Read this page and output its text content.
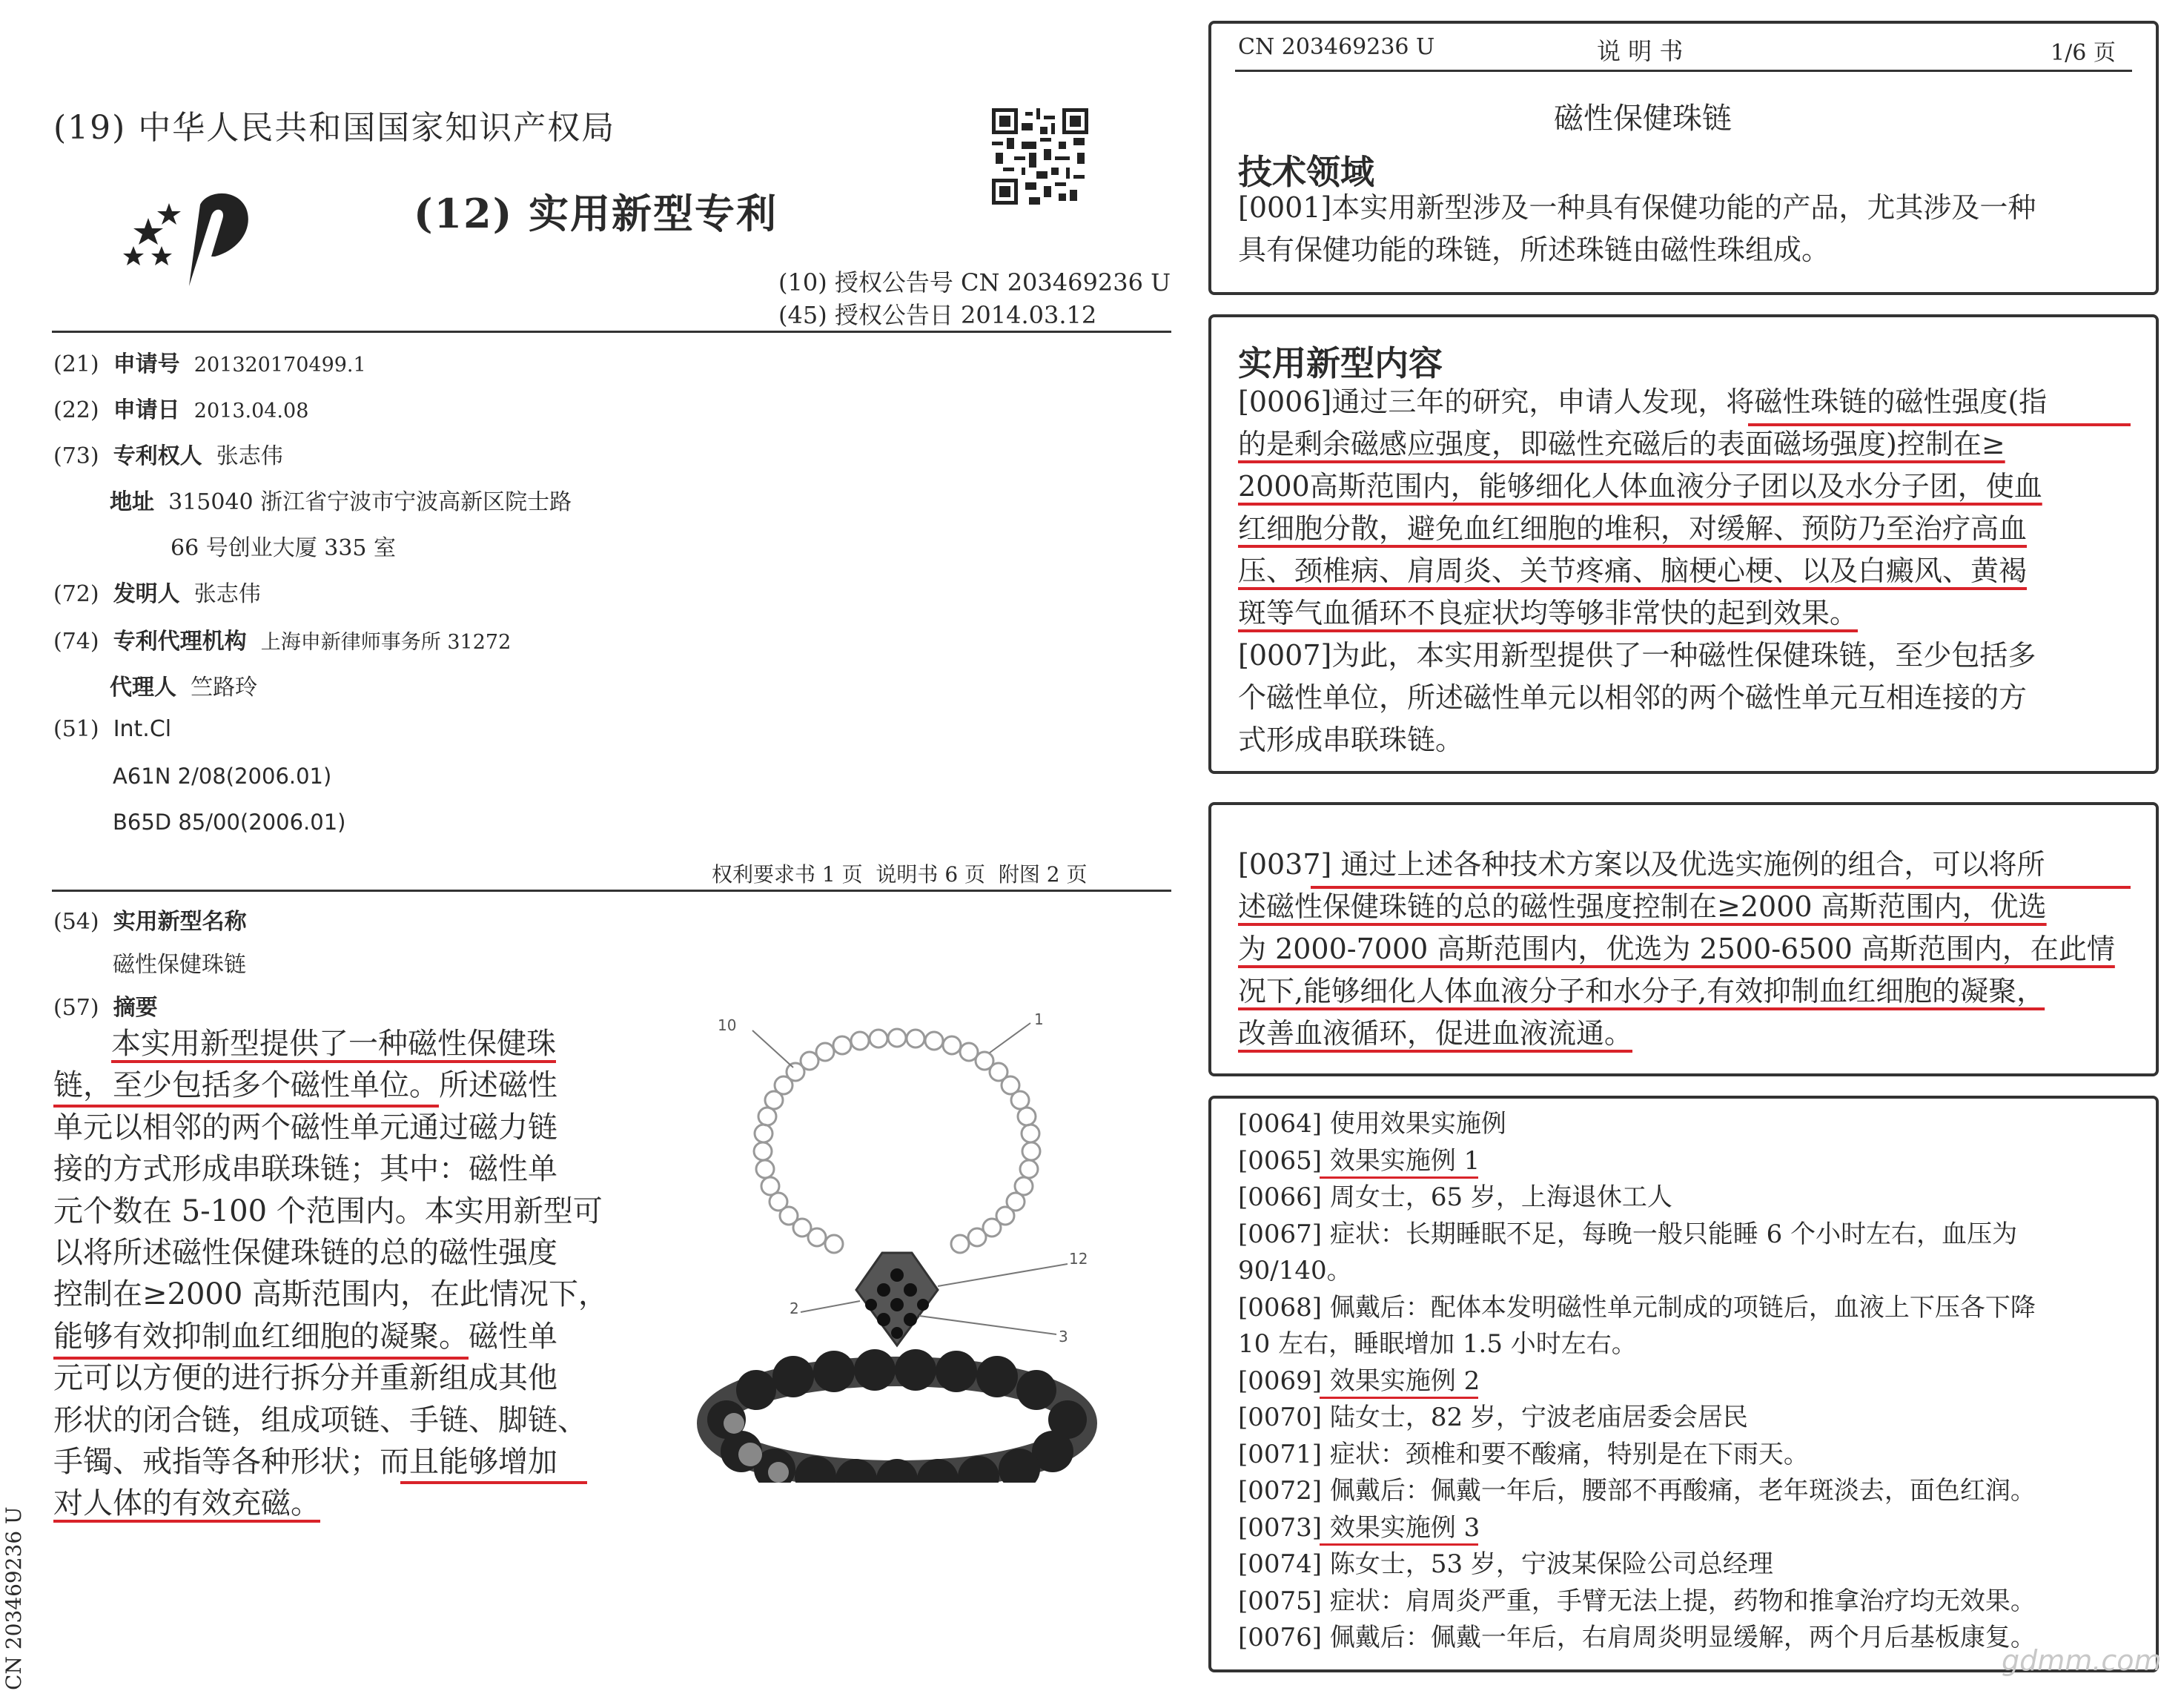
(19) 中华人民共和国国家知识产权局
(12) 实用新型专利
(10) 授权公告号 CN 203469236 U
(45) 授权公告日 2014.03.12
(21) 申请号 201320170499.1
(22) 申请日 2013.04.08
(73) 专利权人 张志伟
地址 315040 浙江省宁波市宁波高新区院士路
66 号创业大厦 335 室
(72) 发明人 张志伟
(74) 专利代理机构 上海申新律师事务所 31272
代理人 竺路玲
(51) Int.Cl
A61N 2/08(2006.01)
B65D 85/00(2006.01)
权利要求书 1 页  说明书 6 页  附图 2 页
(54) 实用新型名称
磁性保健珠链
(57) 摘要
本实用新型提供了一种磁性保健珠
链，至少包括多个磁性单位。所述磁性
单元以相邻的两个磁性单元通过磁力链
接的方式形成串联珠链；其中：磁性单
元个数在 5-100 个范围内。本实用新型可
以将所述磁性保健珠链的总的磁性强度
控制在≥2000 高斯范围内，在此情况下，
能够有效抑制血红细胞的凝聚。磁性单
元可以方便的进行拆分并重新组成其他
形状的闭合链，组成项链、手链、脚链、
手镯、戒指等各种形状；而且能够增加
对人体的有效充磁。
10	1
12
2
3
CN 203469236 U
CN 203469236 U	说 明 书	1/6 页
磁性保健珠链
技术领域
[0001]本实用新型涉及一种具有保健功能的产品，尤其涉及一种
具有保健功能的珠链，所述珠链由磁性珠组成。
实用新型内容
[0006]通过三年的研究，申请人发现，将磁性珠链的磁性强度(指
的是剩余磁感应强度，即磁性充磁后的表面磁场强度)控制在≥
2000高斯范围内，能够细化人体血液分子团以及水分子团，使血
红细胞分散，避免血红细胞的堆积，对缓解、预防乃至治疗高血
压、颈椎病、肩周炎、关节疼痛、脑梗心梗、以及白癜风、黄褐
斑等气血循环不良症状均等够非常快的起到效果。
[0007]为此，本实用新型提供了一种磁性保健珠链，至少包括多
个磁性单位，所述磁性单元以相邻的两个磁性单元互相连接的方
式形成串联珠链。
[0037] 通过上述各种技术方案以及优选实施例的组合，可以将所
述磁性保健珠链的总的磁性强度控制在≥2000 高斯范围内，优选
为 2000-7000 高斯范围内，优选为 2500-6500 高斯范围内，在此情
况下,能够细化人体血液分子和水分子,有效抑制血红细胞的凝聚，
改善血液循环，促进血液流通。
[0064] 使用效果实施例
[0065] 效果实施例 1
[0066] 周女士，65 岁，上海退休工人
[0067] 症状：长期睡眠不足，每晚一般只能睡 6 个小时左右，血压为
90/140。
[0068] 佩戴后：配体本发明磁性单元制成的项链后，血液上下压各下降
10 左右，睡眠增加 1.5 小时左右。
[0069] 效果实施例 2
[0070] 陆女士，82 岁，宁波老庙居委会居民
[0071] 症状：颈椎和要不酸痛，特别是在下雨天。
[0072] 佩戴后：佩戴一年后，腰部不再酸痛，老年斑淡去，面色红润。
[0073] 效果实施例 3
[0074] 陈女士，53 岁，宁波某保险公司总经理
[0075] 症状：肩周炎严重，手臂无法上提，药物和推拿治疗均无效果。
[0076] 佩戴后：佩戴一年后，右肩周炎明显缓解，两个月后基板康复。
gdmm.com
